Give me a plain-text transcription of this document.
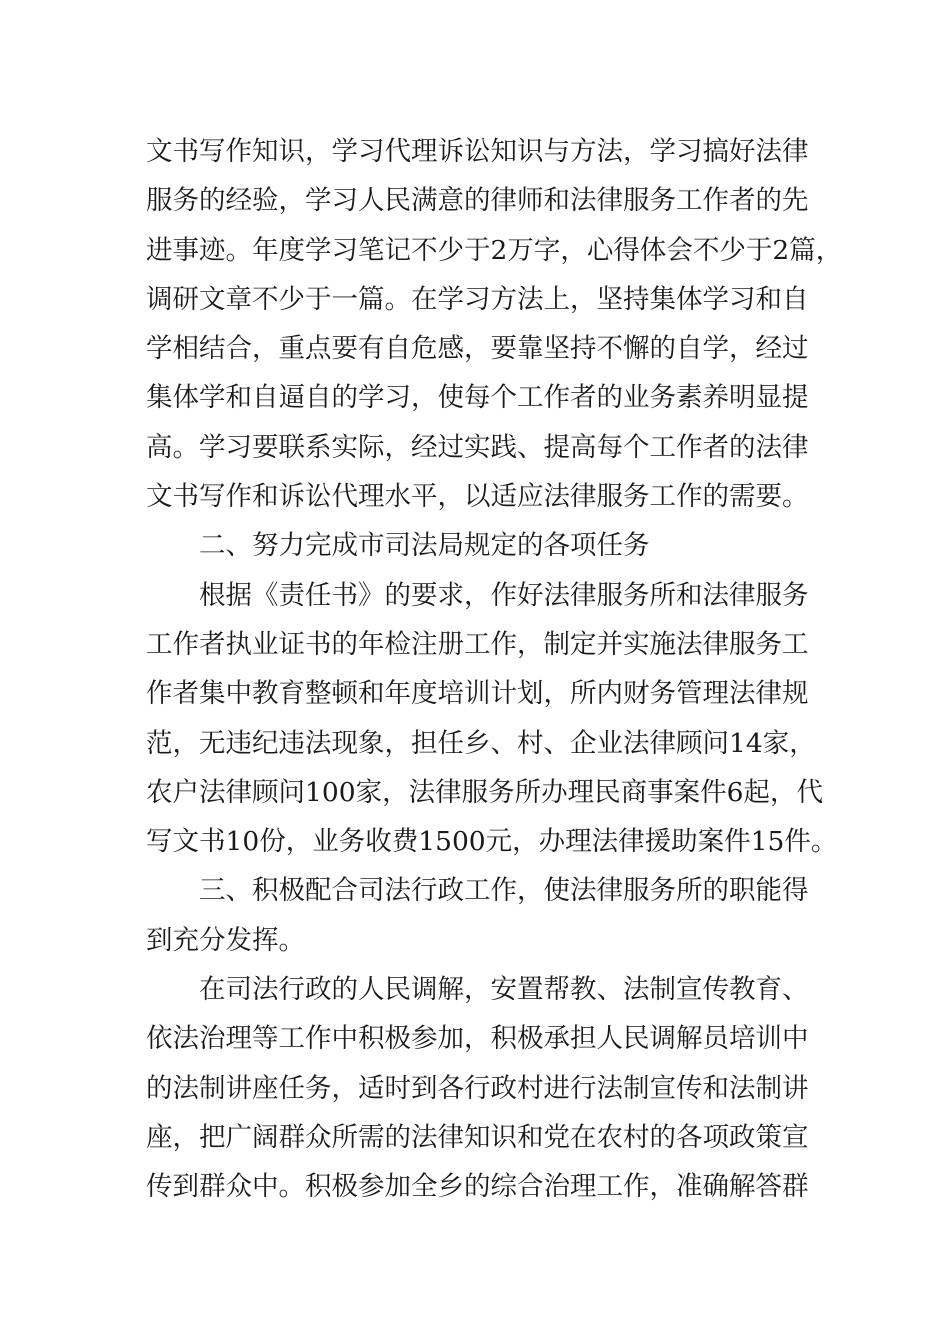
文书写作知识，学习代理诉讼知识与方法，学习搞好法律
服务的经验，学习人民满意的律师和法律服务工作者的先
进事迹。年度学习笔记不少于2万字，心得体会不少于2篇，
调研文章不少于一篇。在学习方法上，坚持集体学习和自
学相结合，重点要有自危感，要靠坚持不懈的自学，经过
集体学和自逼自的学习，使每个工作者的业务素养明显提
高。学习要联系实际，经过实践、提高每个工作者的法律
文书写作和诉讼代理水平，以适应法律服务工作的需要。
二、努力完成市司法局规定的各项任务
根据《责任书》的要求，作好法律服务所和法律服务
工作者执业证书的年检注册工作，制定并实施法律服务工
作者集中教育整顿和年度培训计划，所内财务管理法律规
范，无违纪违法现象，担任乡、村、企业法律顾问14家，
农户法律顾问100家，法律服务所办理民商事案件6起，代
写文书10份，业务收费1500元，办理法律援助案件15件。
三、积极配合司法行政工作，使法律服务所的职能得
到充分发挥。
在司法行政的人民调解，安置帮教、法制宣传教育、
依法治理等工作中积极参加，积极承担人民调解员培训中
的法制讲座任务，适时到各行政村进行法制宣传和法制讲
座，把广阔群众所需的法律知识和党在农村的各项政策宣
传到群众中。积极参加全乡的综合治理工作，准确解答群
